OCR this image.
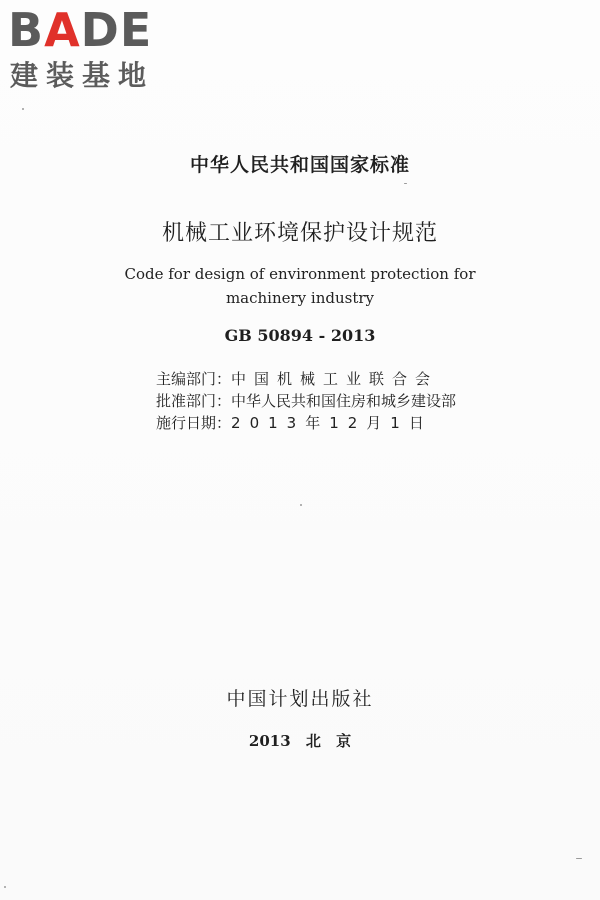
BADE
建装基地
中华人民共和国国家标准
机械工业环境保护设计规范
Code for design of environment protection for
machinery industry
GB 50894 - 2013
主编部门：中国机械工业联合会
批准部门：中华人民共和国住房和城乡建设部
施行日期：2013年12月1日
中国计划出版社
2013 北 京
